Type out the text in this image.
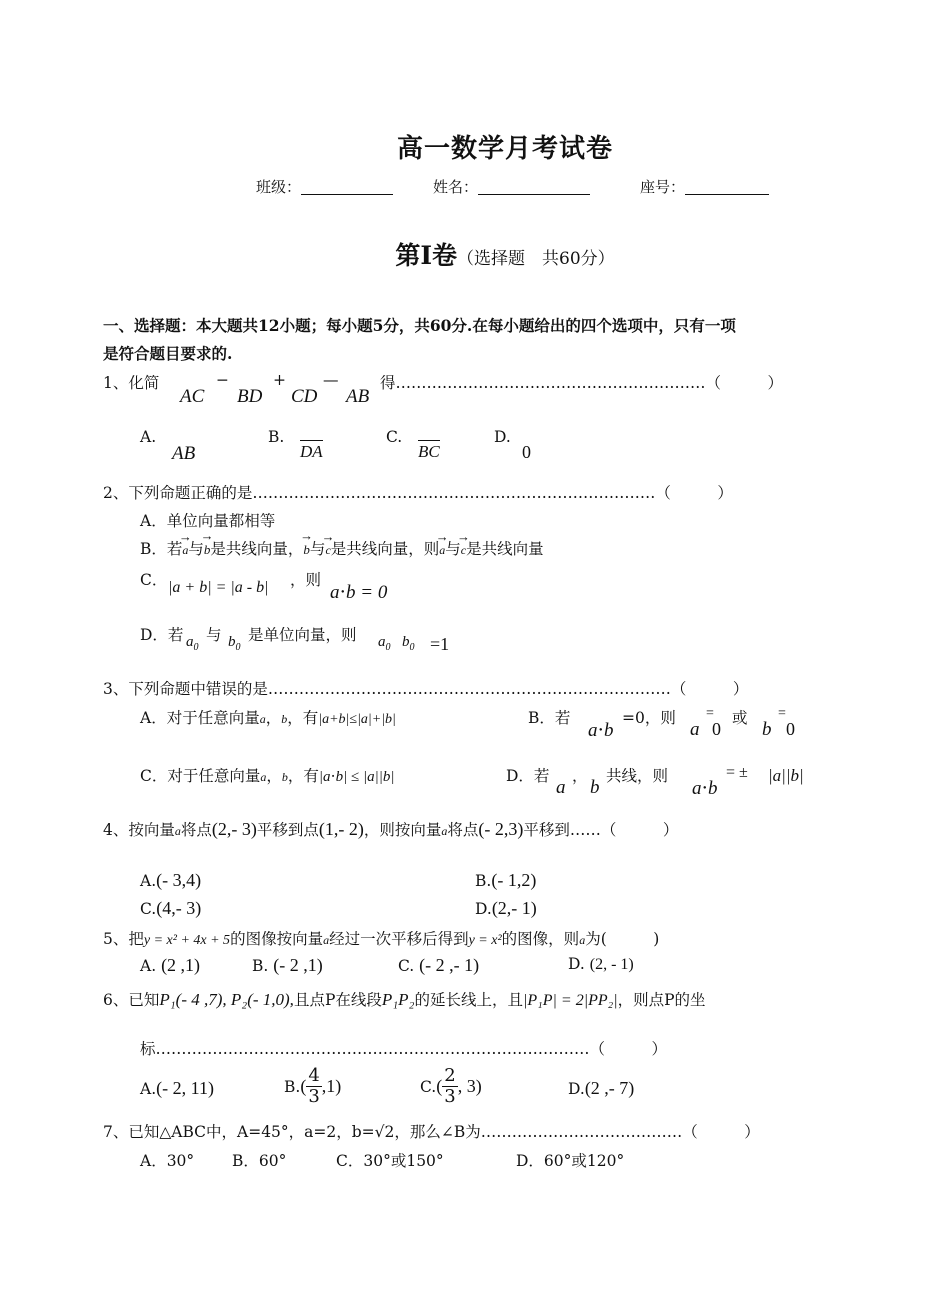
高一数学月考试卷
班级：	姓名：	座号：
第I卷（选择题　共60分）
一、选择题：本大题共12小题；每小题5分，共60分.在每小题给出的四个选项中，只有一项
是符合题目要求的.
1、化简
AC
−
BD
+
CD
—
AB
得……………………………………………………（　　　）
A.
AB
B.
DA
C.
BC
D.
0
2、下列命题正确的是……………………………………………………………………（　　　）
A．单位向量都相等
B．若→ a与→ b是共线向量，→ b与→ c是共线向量，则→ a与→ c是共线向量
C． |a + b| = |a - b| ，则
a⋅b = 0
D．若 $a_0$
与 $b_0$
是单位向量，则 $a_0$ $b_0 =1$
3、下列命题中错误的是……………………………………………………………………（　　　）
A．对于任意向量a，b，有|a+b|≤|a|+|b|	B．若
a⋅b
=0，则
a
=
0
或
b
=
0
C．对于任意向量a，b，有|a⋅b| ≤ |a||b|	D．若
a
，
b
共线，则
a⋅b
= ± |a||b|
4、按向量a将点(2,- 3)平移到点(1,- 2)，则按向量a将点(- 2,3)平移到……（　　　）
A.(- 3,4)	B.(- 1,2)
C.(4,- 3)	D.(2,- 1)
5、把y = x² + 4x + 5的图像按向量a经过一次平移后得到y = x²的图像，则a为(　　　)
A. (2 ,1)	B. (- 2 ,1)	C. (- 2 ,- 1)	D. (2, - 1)
6、已知P₁(- 4 ,7), P₂(- 1,0),且点P在线段P₁P₂的延长线上，且|P₁P| = 2|PP₂|，则点P的坐
标…………………………………………………………………………（　　　）
A.(- 2, 11)	B. ( $\frac{4}{3} ,1$)	C. ( $\frac{2}{3}$ , 3)	D.(2 ,- 7)
7、已知△ABC中，A=45°，a=2，b=√2，那么∠B为…………………………………（　　　）
A．30° B．60°	C．30°或150°	D．60°或120°
